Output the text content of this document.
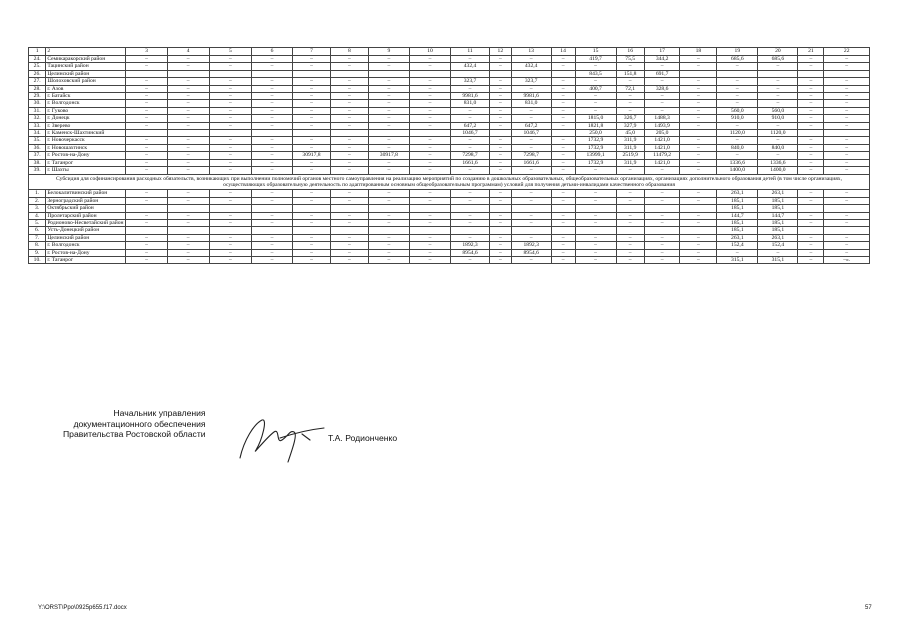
1	2	3	4	5	6	7	8	9	10	11	12	13	14	15	16	17	18	19	20	21	22
24.	Семикаракорский район	–	–	–	–	–	–	–	–	–	–	–	–	419,7	75,5	344,2	–	685,6	685,6	–	–
25.	Тацинский район	–	–	–	–	–	–	–	–	432,4	–	432,4	–	–	–	–	–	–	–	–	–
26.	Целинский район													843,5	151,8	691,7					
27.	Шолоховский район	–	–	–	–	–	–	–	–	323,7	–	323,7	–	–	–	–	–	–	–	–	–
28.	г. Азов	–	–	–	–	–	–	–	–	–	–	–	–	400,7	72,1	328,6	–	–	–	–	–
29.	г. Батайск	–	–	–	–	–	–	–	–	9981,6	–	9981,6	–	–	–	–	–	–	–	–	–
30.	г. Волгодонск	–	–	–	–	–	–	–	–	831,0	–	831,0	–	–	–	–	–	–	–	–	–
31.	г. Гуково	–	–	–	–	–	–	–	–	–	–	–	–	–	–	–	–	560,0	560,0	–	–
32.	г. Донецк	–	–	–	–	–	–	–	–	–	–	–	–	1815,0	326,7	1488,3	–	910,0	910,0	–	–
33.	г. Зверево	–	–	–	–	–	–	–	–	647,2	–	647,2	–	1821,8	327,9	1493,9	–	–	–	–	–
34.	г. Каменск-Шахтинский									1046,7		1046,7		250,0	45,0	205,0		1120,0	1120,0		
35.	г. Новочеркасск	–	–	–	–	–	–	–	–	–	–	–	–	1732,9	311,9	1421,0	–	–	–	–	–
36.	г. Новошахтинск	–	–	–	–	–	–	–	–	–	–	–	–	1732,9	311,9	1421,0	–	840,0	840,0	–	–
37.	г. Ростов-на-Дону	–	–	–	–	30917,8	–	30917,8	–	7298,7	–	7298,7	–	13999,1	2519,9	11479,2	–	–	–	–	–
38.	г. Таганрог	–	–	–	–	–	–	–	–	1661,6	–	1661,6	–	1732,9	311,9	1421,0	–	1336,6	1336,6	–	–
39.	г. Шахты	–	–	–	–	–	–	–	–	–	–	–	–	–	–	–	–	1400,0	1400,0	–	–
Субсидия для софинансирования расходных обязательств, возникающих при выполнении полномочий органов местного самоуправления на реализацию мероприятий по созданию в дошкольных образовательных, общеобразовательных организациях, организациях дополнительного образования детей (в том числе организациях, осуществляющих образовательную деятельность по адаптированным основным общеобразовательным программам) условий для получения детьми-инвалидами качественного образования																					
1.	Белокалитвинский район	–	–	–	–	–	–	–	–	–	–	–	–	–	–	–	–	263,1	263,1	–	–
2.	Зерноградский район	–	–	–	–	–	–	–	–	–	–	–	–	–	–	–	–	185,1	185,1	–	–
3.	Октябрьский район																	185,1	185,1		
4.	Пролетарский район	–	–	–	–	–	–	–	–	–	–	–	–	–	–	–	–	144,7	144,7	–	–
5.	Родионово-Несветайский район	–	–	–	–	–	–	–	–	–	–	–	–	–	–	–	–	185,1	185,1	–	–
6.	Усть-Донецкий район																	185,1	185,1		
7.	Целинский район	–	–	–	–	–	–	–	–	–	–	–	–	–	–	–	–	263,1	263,1	–	–
8.	г. Волгодонск	–	–	–	–	–	–	–	–	1892,3	–	1892,3	–	–	–	–	–	152,4	152,4	–	–
9.	г. Ростов-на-Дону	–	–	–	–	–	–	–	–	8954,6	–	8954,6	–	–	–	–	–	–	–	–	–
10.	г. Таганрог	–	–	–	–	–	–	–	–	–	–	–	–	–	–	–	–	315,1	315,1	–	–».
Начальник управления
документационного обеспечения
Правительства Ростовской области	Т.А. Родионченко
Y:\ORST\Ppo\0925p655.f17.docx	57
